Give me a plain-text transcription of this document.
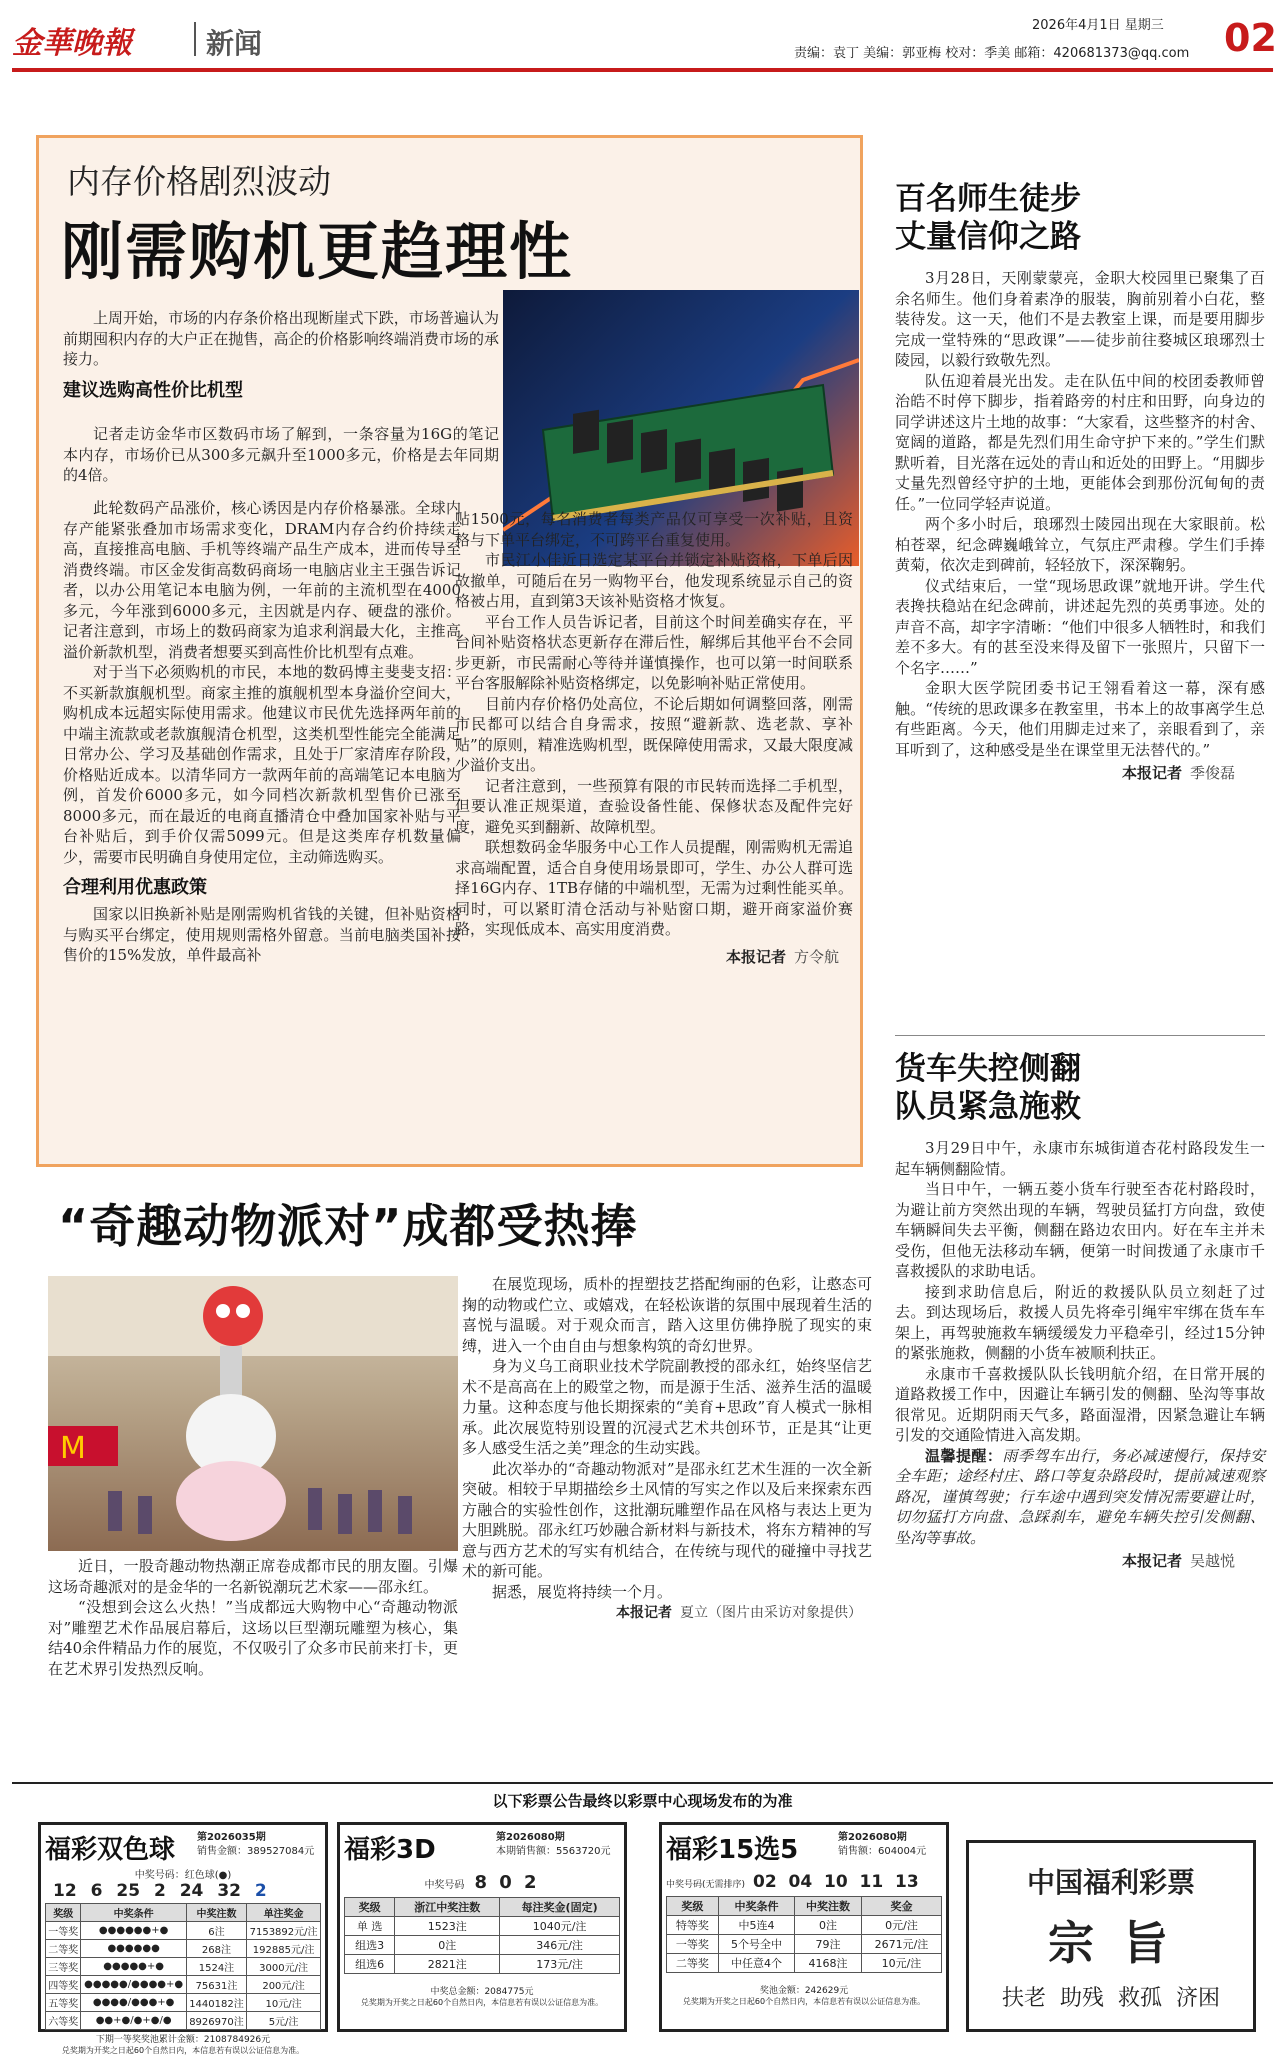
金華晚報	新闻
2026年4月1日 星期三
责编：袁丁 美编：郭亚梅 校对：季美 邮箱：420681373@qq.com 02
内存价格剧烈波动
刚需购机更趋理性

上周开始，市场的内存条价格出现断崖式下跌，市场普遍认为前期囤积内存的大户正在抛售，高企的价格影响终端消费市场的承接力。

建议选购高性价比机型

记者走访金华市区数码市场了解到，一条容量为16G的笔记本内存，市场价已从300多元飙升至1000多元，价格是去年同期的4倍。

此轮数码产品涨价，核心诱因是内存价格暴涨。全球内存产能紧张叠加市场需求变化，DRAM内存合约价持续走高，直接推高电脑、手机等终端产品生产成本，进而传导至消费终端。市区金发街高数码商场一电脑店业主王强告诉记者，以办公用笔记本电脑为例，一年前的主流机型在4000多元，今年涨到6000多元，主因就是内存、硬盘的涨价。记者注意到，市场上的数码商家为追求利润最大化，主推高溢价新款机型，消费者想要买到高性价比机型有点难。

对于当下必须购机的市民，本地的数码博主斐斐支招：不买新款旗舰机型。商家主推的旗舰机型本身溢价空间大，购机成本远超实际使用需求。他建议市民优先选择两年前的中端主流款或老款旗舰清仓机型，这类机型性能完全能满足日常办公、学习及基础创作需求，且处于厂家清库存阶段，价格贴近成本。以清华同方一款两年前的高端笔记本电脑为例，首发价6000多元，如今同档次新款机型售价已涨至8000多元，而在最近的电商直播清仓中叠加国家补贴与平台补贴后，到手价仅需5099元。但是这类库存机数量偏少，需要市民明确自身使用定位，主动筛选购买。

合理利用优惠政策

国家以旧换新补贴是刚需购机省钱的关键，但补贴资格与购买平台绑定，使用规则需格外留意。当前电脑类国补按售价的15%发放，单件最高补

贴1500元，每名消费者每类产品仅可享受一次补贴，且资格与下单平台绑定，不可跨平台重复使用。

市民江小佳近日选定某平台并锁定补贴资格，下单后因故撤单，可随后在另一购物平台，他发现系统显示自己的资格被占用，直到第3天该补贴资格才恢复。

平台工作人员告诉记者，目前这个时间差确实存在，平台间补贴资格状态更新存在滞后性，解绑后其他平台不会同步更新，市民需耐心等待并谨慎操作，也可以第一时间联系平台客服解除补贴资格绑定，以免影响补贴正常使用。

目前内存价格仍处高位，不论后期如何调整回落，刚需市民都可以结合自身需求，按照“避新款、选老款、享补贴”的原则，精准选购机型，既保障使用需求，又最大限度减少溢价支出。

记者注意到，一些预算有限的市民转而选择二手机型，但要认准正规渠道，查验设备性能、保修状态及配件完好度，避免买到翻新、故障机型。

联想数码金华服务中心工作人员提醒，刚需购机无需追求高端配置，适合自身使用场景即可，学生、办公人群可选择16G内存、1TB存储的中端机型，无需为过剩性能买单。同时，可以紧盯清仓活动与补贴窗口期，避开商家溢价赛路，实现低成本、高实用度消费。

本报记者 方令航
百名师生徒步
丈量信仰之路

3月28日，天刚蒙蒙亮，金职大校园里已聚集了百余名师生。他们身着素净的服装，胸前别着小白花，整装待发。这一天，他们不是去教室上课，而是要用脚步完成一堂特殊的“思政课”——徒步前往婺城区琅琊烈士陵园，以毅行致敬先烈。

队伍迎着晨光出发。走在队伍中间的校团委教师曾治皓不时停下脚步，指着路旁的村庄和田野，向身边的同学讲述这片土地的故事：“大家看，这些整齐的村舍、宽阔的道路，都是先烈们用生命守护下来的。”学生们默默听着，目光落在远处的青山和近处的田野上。“用脚步丈量先烈曾经守护的土地，更能体会到那份沉甸甸的责任。”一位同学轻声说道。

两个多小时后，琅琊烈士陵园出现在大家眼前。松柏苍翠，纪念碑巍峨耸立，气氛庄严肃穆。学生们手捧黄菊，依次走到碑前，轻轻放下，深深鞠躬。

仪式结束后，一堂“现场思政课”就地开讲。学生代表搀扶稳站在纪念碑前，讲述起先烈的英勇事迹。处的声音不高，却字字清晰：“他们中很多人牺牲时，和我们差不多大。有的甚至没来得及留下一张照片，只留下一个名字……”

金职大医学院团委书记王翎看着这一幕，深有感触。“传统的思政课多在教室里，书本上的故事离学生总有些距离。今天，他们用脚走过来了，亲眼看到了，亲耳听到了，这种感受是坐在课堂里无法替代的。”

本报记者 季俊磊
货车失控侧翻
队员紧急施救

3月29日中午，永康市东城街道杏花村路段发生一起车辆侧翻险情。

当日中午，一辆五菱小货车行驶至杏花村路段时，为避让前方突然出现的车辆，驾驶员猛打方向盘，致使车辆瞬间失去平衡，侧翻在路边农田内。好在车主并未受伤，但他无法移动车辆，便第一时间拨通了永康市千喜救援队的求助电话。

接到求助信息后，附近的救援队队员立刻赶了过去。到达现场后，救援人员先将牵引绳牢牢绑在货车车架上，再驾驶施救车辆缓缓发力平稳牵引，经过15分钟的紧张施救，侧翻的小货车被顺利扶正。

永康市千喜救援队队长钱明航介绍，在日常开展的道路救援工作中，因避让车辆引发的侧翻、坠沟等事故很常见。近期阴雨天气多，路面湿滑，因紧急避让车辆引发的交通险情进入高发期。

温馨提醒：雨季驾车出行，务必减速慢行，保持安全车距；途经村庄、路口等复杂路段时，提前减速观察路况，谨慎驾驶；行车途中遇到突发情况需要避让时，切勿猛打方向盘、急踩刹车，避免车辆失控引发侧翻、坠沟等事故。

本报记者 吴越悦
“奇趣动物派对”成都受热捧
M

近日，一股奇趣动物热潮正席卷成都市民的朋友圈。引爆这场奇趣派对的是金华的一名新锐潮玩艺术家——邵永红。

“没想到会这么火热！”当成都远大购物中心“奇趣动物派对”雕塑艺术作品展启幕后，这场以巨型潮玩雕塑为核心，集结40余件精品力作的展览，不仅吸引了众多市民前来打卡，更在艺术界引发热烈反响。

在展览现场，质朴的捏塑技艺搭配绚丽的色彩，让憨态可掬的动物或伫立、或嬉戏，在轻松诙谐的氛围中展现着生活的喜悦与温暖。对于观众而言，踏入这里仿佛挣脱了现实的束缚，进入一个由自由与想象构筑的奇幻世界。

身为义乌工商职业技术学院副教授的邵永红，始终坚信艺术不是高高在上的殿堂之物，而是源于生活、滋养生活的温暖力量。这种态度与他长期探索的“美育+思政”育人模式一脉相承。此次展览特别设置的沉浸式艺术共创环节，正是其“让更多人感受生活之美”理念的生动实践。

此次举办的“奇趣动物派对”是邵永红艺术生涯的一次全新突破。相较于早期描绘乡土风情的写实之作以及后来探索东西方融合的实验性创作，这批潮玩雕塑作品在风格与表达上更为大胆跳脱。邵永红巧妙融合新材料与新技术，将东方精神的写意与西方艺术的写实有机结合，在传统与现代的碰撞中寻找艺术的新可能。

据悉，展览将持续一个月。

本报记者 夏立（图片由采访对象提供）
以下彩票公告最终以彩票中心现场发布的为准
福彩双色球 第2026035期
销售金额：389527084元
中奖号码：红色球(●)
12 6 25 2 24 32 2
奖级	中奖条件	中奖注数	单注奖金
一等奖	●●●●●●+●	6注	7153892元/注
二等奖	●●●●●●	268注	192885元/注
三等奖	●●●●●+●	1524注	3000元/注
四等奖	●●●●●/●●●●+●	75631注	200元/注
五等奖	●●●●/●●●+●	1440182注	10元/注
六等奖	●●+●/●+●/●	8926970注	5元/注
下期一等奖奖池累计金额：2108784926元
兑奖期为开奖之日起60个自然日内，本信息若有误以公证信息为准。
福彩3D	第2026080期
本期销售额：5563720元
中奖号码 8 0 2
奖级	浙江中奖注数	每注奖金(固定)
单 选	1523注	1040元/注
组选3	0注	346元/注
组选6	2821注	173元/注
中奖总金额：2084775元
兑奖期为开奖之日起60个自然日内，本信息若有误以公证信息为准。
福彩15选5	第2026080期
销售额：604004元
中奖号码(无需排序) 02  04  10  11  13
奖级	中奖条件	中奖注数	奖金
特等奖	中5连4	0注	0元/注
一等奖	5个号全中	79注	2671元/注
二等奖	中任意4个	4168注	10元/注
奖池金额：242629元
兑奖期为开奖之日起60个自然日内，本信息若有误以公证信息为准。
中国福利彩票
宗 旨
扶老  助残  救孤  济困
